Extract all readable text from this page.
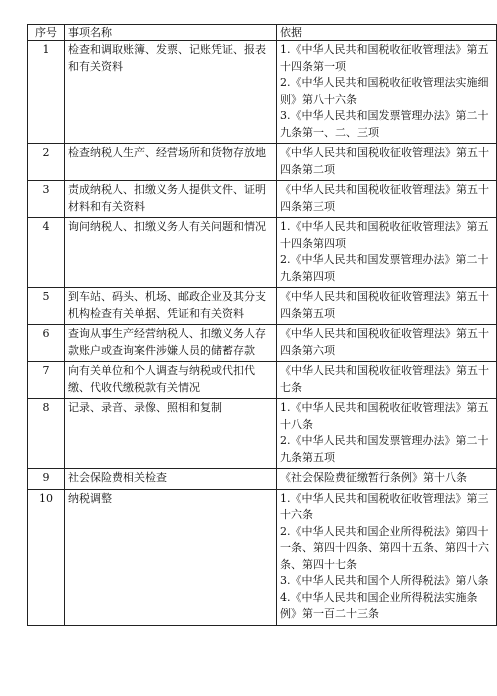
序号	事项名称	依据
1	检查和调取账簿、发票、记账凭证、报表和有关资料	1.《中华人民共和国税收征收管理法》第五十四条第一项
2.《中华人民共和国税收征收管理法实施细则》第八十六条
3.《中华人民共和国发票管理办法》第二十九条第一、二、三项

2	检查纳税人生产、经营场所和货物存放地	《中华人民共和国税收征收管理法》第五十四条第二项

3	责成纳税人、扣缴义务人提供文件、证明材料和有关资料	《中华人民共和国税收征收管理法》第五十四条第三项

4	询问纳税人、扣缴义务人有关问题和情况	1.《中华人民共和国税收征收管理法》第五十四条第四项
2.《中华人民共和国发票管理办法》第二十九条第四项

5	到车站、码头、机场、邮政企业及其分支机构检查有关单据、凭证和有关资料	《中华人民共和国税收征收管理法》第五十四条第五项

6	查询从事生产经营纳税人、扣缴义务人存款账户或查询案件涉嫌人员的储蓄存款	《中华人民共和国税收征收管理法》第五十四条第六项

7	向有关单位和个人调查与纳税或代扣代缴、代收代缴税款有关情况	《中华人民共和国税收征收管理法》第五十七条

8	记录、录音、录像、照相和复制	1.《中华人民共和国税收征收管理法》第五十八条
2.《中华人民共和国发票管理办法》第二十九条第五项

9	社会保险费相关检查	《社会保险费征缴暂行条例》第十八条

10	纳税调整	1.《中华人民共和国税收征收管理法》第三十六条
2.《中华人民共和国企业所得税法》第四十一条、第四十四条、第四十五条、第四十六条、第四十七条
3.《中华人民共和国个人所得税法》第八条
4.《中华人民共和国企业所得税法实施条例》第一百二十三条
